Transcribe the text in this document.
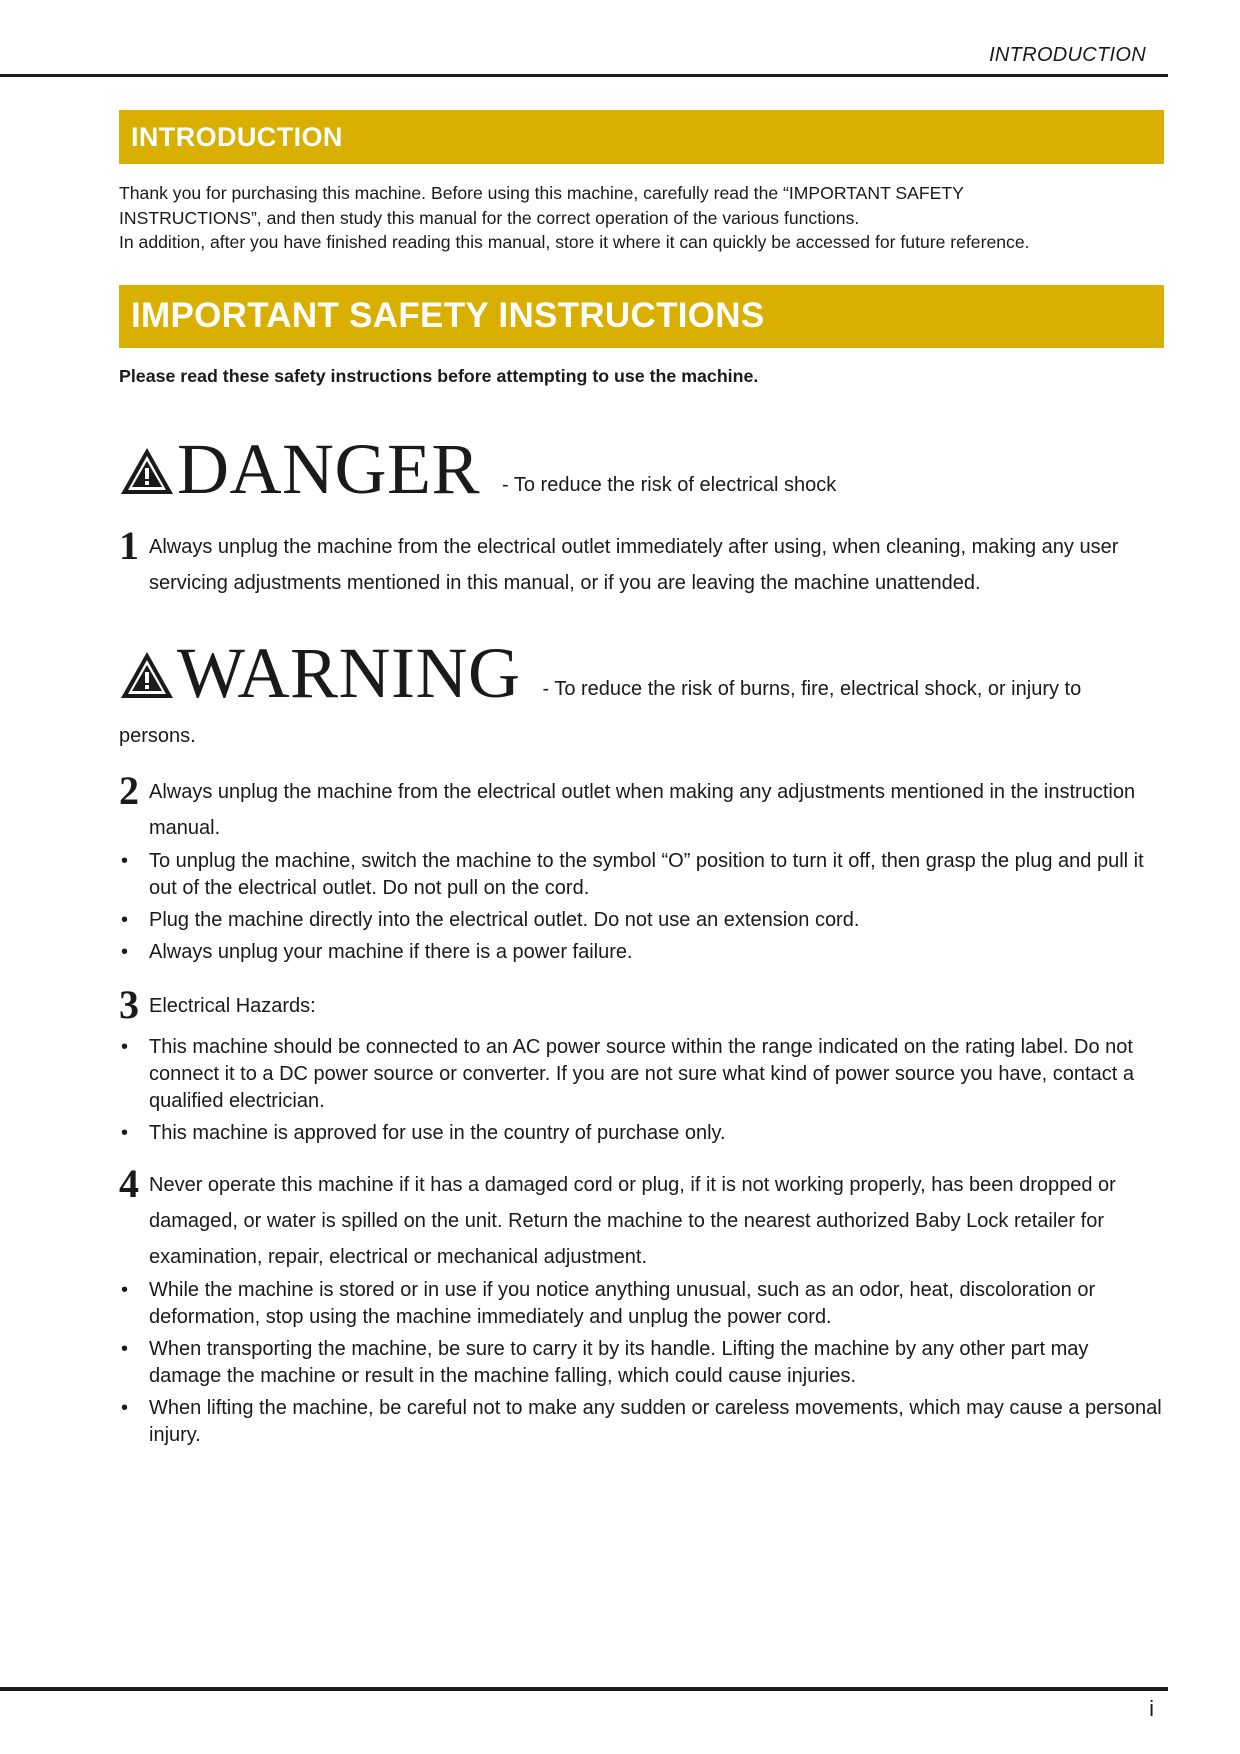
INTRODUCTION
INTRODUCTION

Thank you for purchasing this machine. Before using this machine, carefully read the “IMPORTANT SAFETY

INSTRUCTIONS”, and then study this manual for the correct operation of the various functions.

In addition, after you have finished reading this manual, store it where it can quickly be accessed for future reference.

IMPORTANT SAFETY INSTRUCTIONS
Please read these safety instructions before attempting to use the machine.
DANGER - To reduce the risk of electrical shock
1 Always unplug the machine from the electrical outlet immediately after using, when cleaning, making any user servicing adjustments mentioned in this manual, or if you are leaving the machine unattended.
WARNING - To reduce the risk of burns, fire, electrical shock, or injury to
persons.
2 Always unplug the machine from the electrical outlet when making any adjustments mentioned in the instruction manual.
• To unplug the machine, switch the machine to the symbol “O” position to turn it off, then grasp the plug and pull it out of the electrical outlet. Do not pull on the cord.
• Plug the machine directly into the electrical outlet. Do not use an extension cord.
• Always unplug your machine if there is a power failure.
3 Electrical Hazards:
• This machine should be connected to an AC power source within the range indicated on the rating label. Do not connect it to a DC power source or converter. If you are not sure what kind of power source you have, contact a qualified electrician.
• This machine is approved for use in the country of purchase only.
4 Never operate this machine if it has a damaged cord or plug, if it is not working properly, has been dropped or damaged, or water is spilled on the unit. Return the machine to the nearest authorized Baby Lock retailer for examination, repair, electrical or mechanical adjustment.
• While the machine is stored or in use if you notice anything unusual, such as an odor, heat, discoloration or deformation, stop using the machine immediately and unplug the power cord.
• When transporting the machine, be sure to carry it by its handle. Lifting the machine by any other part may damage the machine or result in the machine falling, which could cause injuries.
• When lifting the machine, be careful not to make any sudden or careless movements, which may cause a personal injury.
i
